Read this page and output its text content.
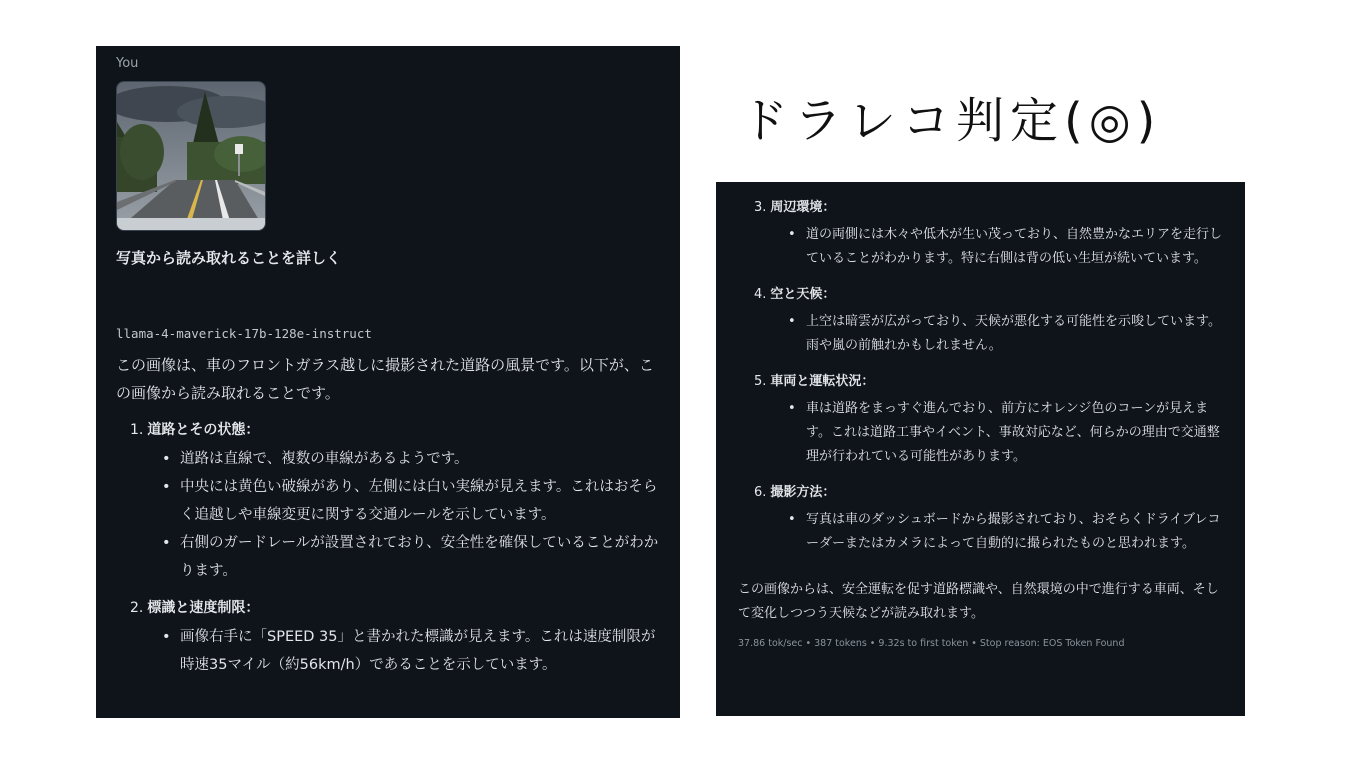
ドラレコ判定(◎)
You
写真から読み取れることを詳しく
llama-4-maverick-17b-128e-instruct
この画像は、車のフロントガラス越しに撮影された道路の風景です。以下が、この画像から読み取れることです。
1. 道路とその状態：
• 道路は直線で、複数の車線があるようです。
• 中央には黄色い破線があり、左側には白い実線が見えます。これはおそらく追越しや車線変更に関する交通ルールを示しています。
• 右側のガードレールが設置されており、安全性を確保していることがわかります。
2. 標識と速度制限：
• 画像右手に「SPEED 35」と書かれた標識が見えます。これは速度制限が時速35マイル（約56km/h）であることを示しています。
3. 周辺環境：
• 道の両側には木々や低木が生い茂っており、自然豊かなエリアを走行していることがわかります。特に右側は背の低い生垣が続いています。
4. 空と天候：
• 上空は暗雲が広がっており、天候が悪化する可能性を示唆しています。雨や嵐の前触れかもしれません。
5. 車両と運転状況：
• 車は道路をまっすぐ進んでおり、前方にオレンジ色のコーンが見えます。これは道路工事やイベント、事故対応など、何らかの理由で交通整理が行われている可能性があります。
6. 撮影方法：
• 写真は車のダッシュボードから撮影されており、おそらくドライブレコーダーまたはカメラによって自動的に撮られたものと思われます。
この画像からは、安全運転を促す道路標識や、自然環境の中で進行する車両、そして変化しつつう天候などが読み取れます。
37.86 tok/sec • 387 tokens • 9.32s to first token • Stop reason: EOS Token Found
